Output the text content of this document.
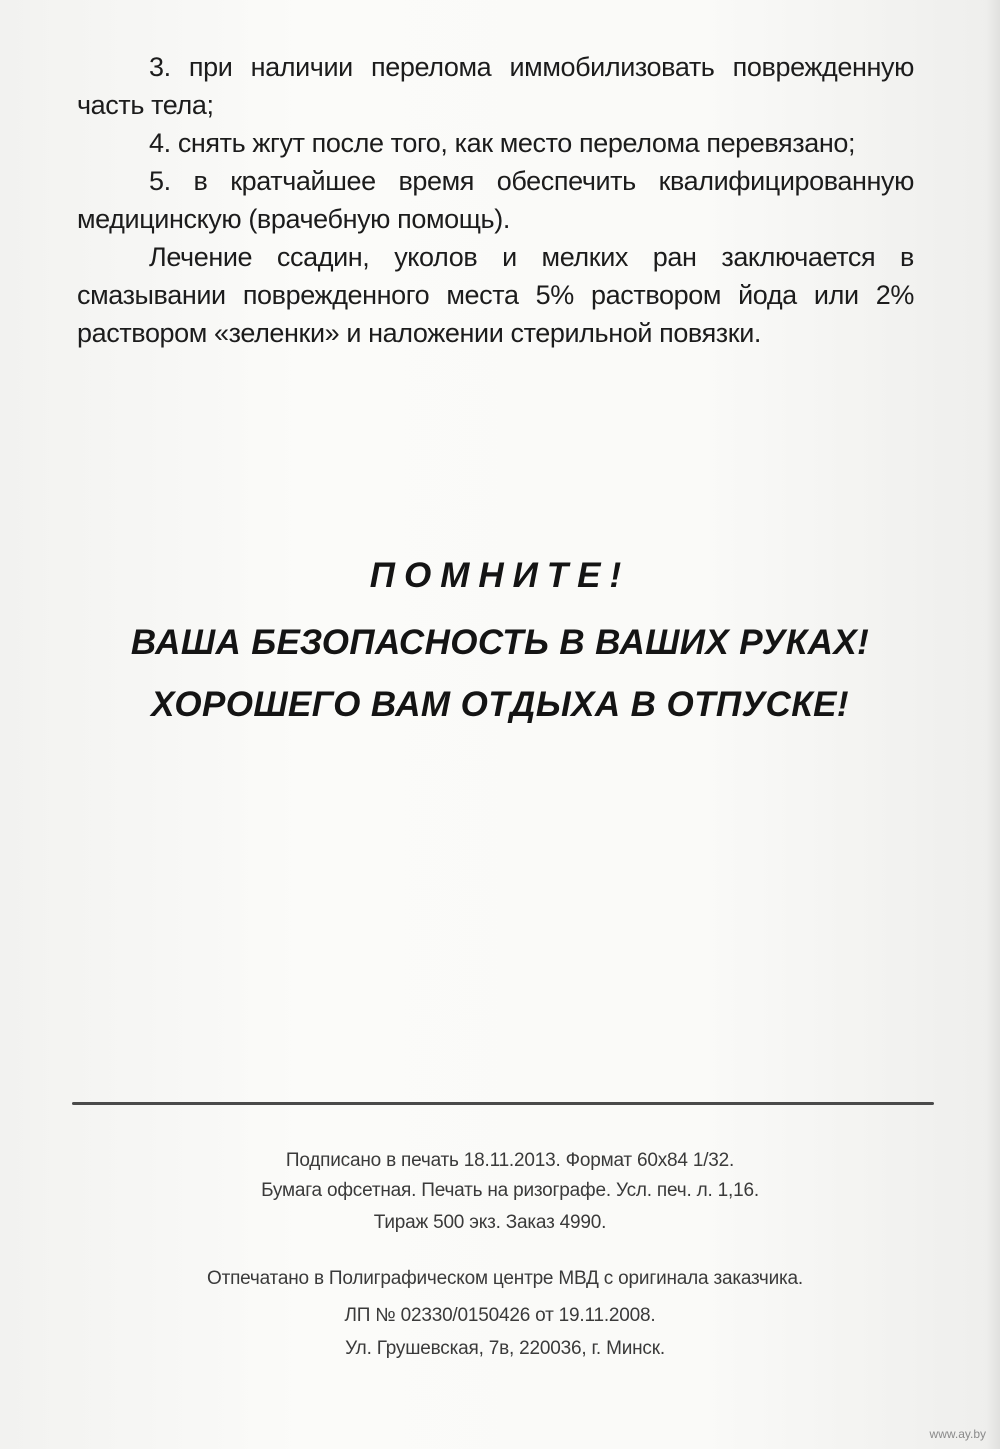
3. при наличии перелома иммобилизовать поврежденную часть тела;

4. снять жгут после того, как место перелома перевязано;

5. в кратчайшее время обеспечить квалифицированную медицинскую (врачебную помощь).

Лечение ссадин, уколов и мелких ран заключается в смазывании поврежденного места 5% раствором йода или 2% раствором «зеленки» и наложении стерильной повязки.

ПОМНИТЕ!

ВАША БЕЗОПАСНОСТЬ В ВАШИХ РУКАХ!

ХОРОШЕГО ВАМ ОТДЫХА В ОТПУСКЕ!

Подписано в печать 18.11.2013. Формат 60х84 1/32.

Бумага офсетная. Печать на ризографе. Усл. печ. л. 1,16.

Тираж 500 экз. Заказ 4990.

Отпечатано в Полиграфическом центре МВД с оригинала заказчика.

ЛП № 02330/0150426 от 19.11.2008.

Ул. Грушевская, 7в, 220036, г. Минск.

www.ay.by
